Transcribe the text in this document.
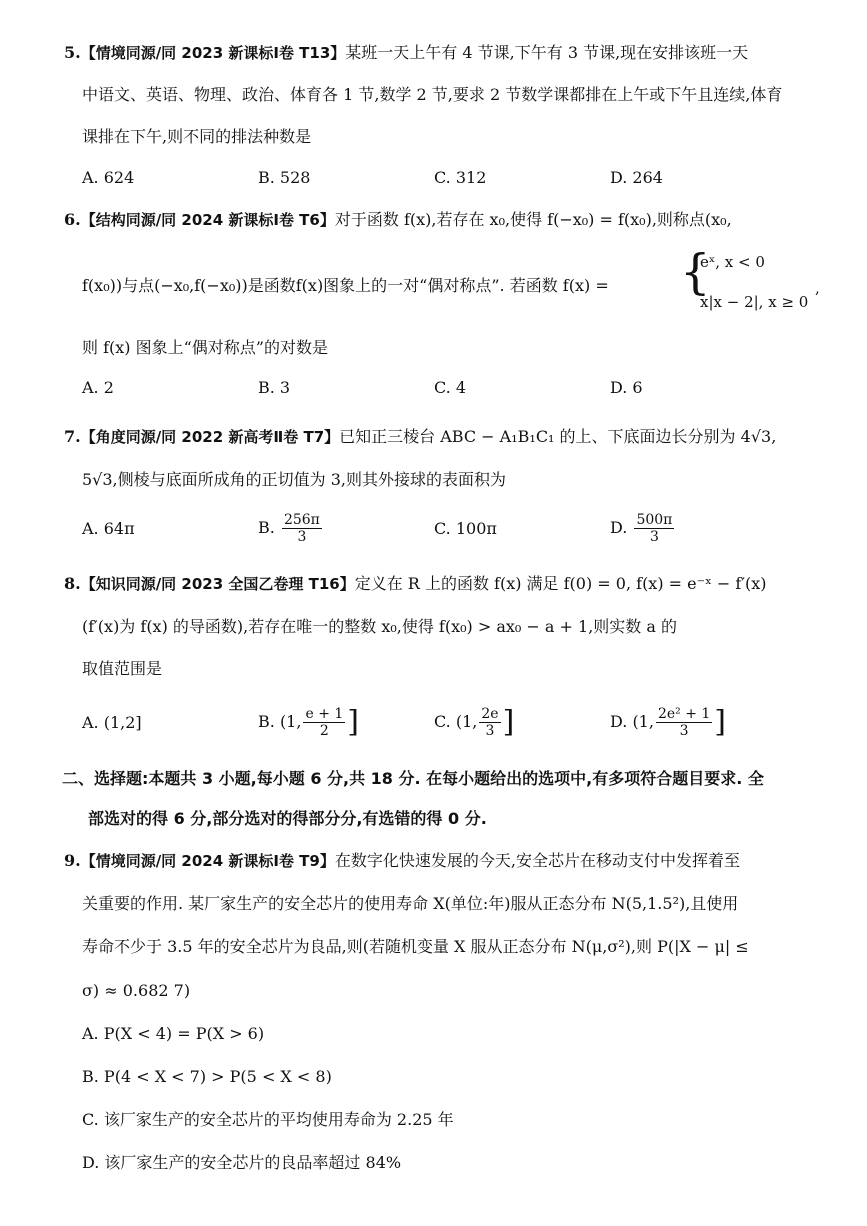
5.【情境同源/同 2023 新课标Ⅰ卷 T13】某班一天上午有 4 节课,下午有 3 节课,现在安排该班一天
中语文、英语、物理、政治、体育各 1 节,数学 2 节,要求 2 节数学课都排在上午或下午且连续,体育
课排在下午,则不同的排法种数是
A. 624	B. 528	C. 312	D. 264
6.【结构同源/同 2024 新课标Ⅰ卷 T6】对于函数 f(x),若存在 x₀,使得 f(−x₀) = f(x₀),则称点(x₀,
f(x₀))与点(−x₀,f(−x₀))是函数f(x)图象上的一对“偶对称点”. 若函数 f(x) = {
eˣ, x < 0
x|x − 2|, x ≥ 0
,
则 f(x) 图象上“偶对称点”的对数是
A. 2	B. 3	C. 4	D. 6
7.【角度同源/同 2022 新高考Ⅱ卷 T7】已知正三棱台 ABC − A₁B₁C₁ 的上、下底面边长分别为 4√3,
5√3,侧棱与底面所成角的正切值为 3,则其外接球的表面积为
A. 64π	B. $\frac{256\pi}{3}$	C. 100π	D. $\frac{500\pi}{3}$
8.【知识同源/同 2023 全国乙卷理 T16】定义在 R 上的函数 f(x) 满足 f(0) = 0, f(x) = e⁻ˣ − f′(x)
(f′(x)为 f(x) 的导函数),若存在唯一的整数 x₀,使得 f(x₀) > ax₀ − a + 1,则实数 a 的
取值范围是
A. (1,2]	B. (1, $\frac{e + 1}{2}$ ]	C. (1, $\frac{2e}{3}$ ]	D. (1, $\frac{\text{2e² + 1}}{3}$ ]
二、选择题:本题共 3 小题,每小题 6 分,共 18 分. 在每小题给出的选项中,有多项符合题目要求. 全
部选对的得 6 分,部分选对的得部分分,有选错的得 0 分.
9.【情境同源/同 2024 新课标Ⅰ卷 T9】在数字化快速发展的今天,安全芯片在移动支付中发挥着至
关重要的作用. 某厂家生产的安全芯片的使用寿命 X(单位:年)服从正态分布 N(5,1.5²),且使用
寿命不少于 3.5 年的安全芯片为良品,则(若随机变量 X 服从正态分布 N(μ,σ²),则 P(|X − μ| ≤
σ) ≈ 0.682 7)
A. P(X < 4) = P(X > 6)
B. P(4 < X < 7) > P(5 < X < 8)
C. 该厂家生产的安全芯片的平均使用寿命为 2.25 年
D. 该厂家生产的安全芯片的良品率超过 84%
